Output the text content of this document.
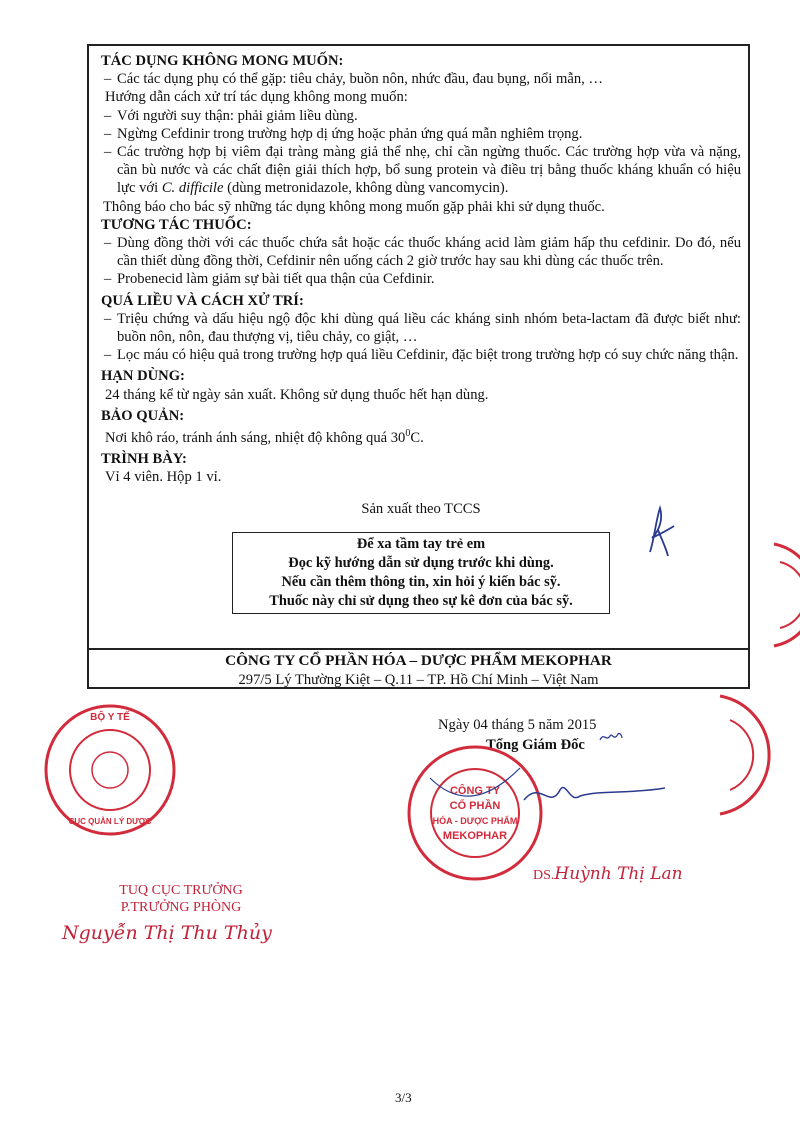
TÁC DỤNG KHÔNG MONG MUỐN:

– Các tác dụng phụ có thể gặp: tiêu chảy, buồn nôn, nhức đầu, đau bụng, nổi mẫn, …

Hướng dẫn cách xử trí tác dụng không mong muốn:

– Với người suy thận: phải giảm liều dùng.

– Ngừng Cefdinir trong trường hợp dị ứng hoặc phản ứng quá mẫn nghiêm trọng.

– Các trường hợp bị viêm đại tràng màng giả thể nhẹ, chỉ cần ngừng thuốc. Các trường hợp vừa và nặng, cần bù nước và các chất điện giải thích hợp, bổ sung protein và điều trị bằng thuốc kháng khuẩn có hiệu lực với C. difficile (dùng metronidazole, không dùng vancomycin).

Thông báo cho bác sỹ những tác dụng không mong muốn gặp phải khi sử dụng thuốc.

TƯƠNG TÁC THUỐC:

– Dùng đồng thời với các thuốc chứa sắt hoặc các thuốc kháng acid làm giảm hấp thu cefdinir. Do đó, nếu cần thiết dùng đồng thời, Cefdinir nên uống cách 2 giờ trước hay sau khi dùng các thuốc trên.

– Probenecid làm giảm sự bài tiết qua thận của Cefdinir.

QUÁ LIỀU VÀ CÁCH XỬ TRÍ:

– Triệu chứng và dấu hiệu ngộ độc khi dùng quá liều các kháng sinh nhóm beta-lactam đã được biết như: buồn nôn, nôn, đau thượng vị, tiêu chảy, co giật, …

– Lọc máu có hiệu quả trong trường hợp quá liều Cefdinir, đặc biệt trong trường hợp có suy chức năng thận.

HẠN DÙNG:

24 tháng kể từ ngày sản xuất. Không sử dụng thuốc hết hạn dùng.

BẢO QUẢN:

Nơi khô ráo, tránh ánh sáng, nhiệt độ không quá $30^0C$.

TRÌNH BÀY:

Vỉ 4 viên. Hộp 1 vỉ.

Sản xuất theo TCCS

Để xa tầm tay trẻ em
Đọc kỹ hướng dẫn sử dụng trước khi dùng.
Nếu cần thêm thông tin, xin hỏi ý kiến bác sỹ.
Thuốc này chỉ sử dụng theo sự kê đơn của bác sỹ.
CÔNG TY CỔ PHẦN HÓA – DƯỢC PHẨM MEKOPHAR
297/5 Lý Thường Kiệt – Q.11 – TP. Hồ Chí Minh – Việt Nam
Ngày 04 tháng 5 năm 2015
Tổng Giám Đốc
CÔNG TY
CỔ PHẦN
HÓA - DƯỢC PHẨM
MEKOPHAR
DS.Huỳnh Thị Lan
BỘ Y TẾ
CỤC QUẢN LÝ DƯỢC
TUQ CỤC TRƯỞNG
P.TRƯỞNG PHÒNG
Nguyễn Thị Thu Thủy
3/3
